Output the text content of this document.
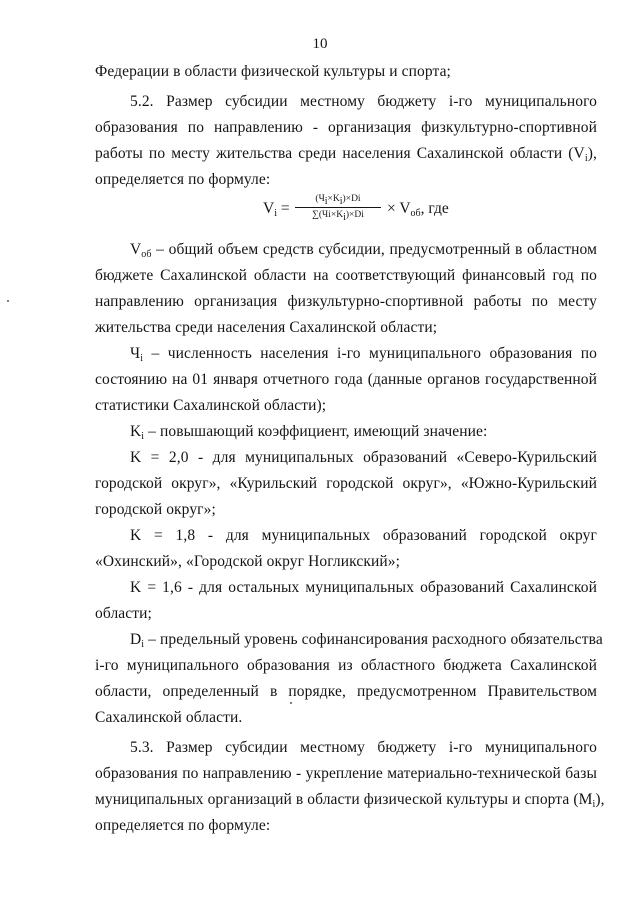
10
Федерации в области физической культуры и спорта;
5.2. Размер субсидии местному бюджету i-го муниципального
образования по направлению - организация физкультурно-спортивной
работы по месту жительства среди населения Сахалинской области $(V_i)$,
определяется по формуле:
$V_i$ =
$(Ч_i\times K_i)\times Di$
$\sum(Чi\times K_i)\times Di$	× $V_{об}$, где
$V_{об}$ – общий объем средств субсидии, предусмотренный в областном
бюджете Сахалинской области на соответствующий финансовый год по
направлению организация физкультурно-спортивной работы по месту
жительства среди населения Сахалинской области;
$Ч_i$ – численность населения i-го муниципального образования по
состоянию на 01 января отчетного года (данные органов государственной
статистики Сахалинской области);
$K_i$ – повышающий коэффициент, имеющий значение:
K = 2,0 - для муниципальных образований «Северо-Курильский
городской округ», «Курильский городской округ», «Южно-Курильский
городской округ»;
K = 1,8 - для муниципальных образований городской округ
«Охинский», «Городской округ Ногликский»;
K = 1,6 - для остальных муниципальных образований Сахалинской
области;
$D_i$ – предельный уровень софинансирования расходного обязательства
i-го муниципального образования из областного бюджета Сахалинской
области, определенный в порядке, предусмотренном Правительством
Сахалинской области.
5.3. Размер субсидии местному бюджету i-го муниципального
образования по направлению - укрепление материально-технической базы
муниципальных организаций в области физической культуры и спорта $(M_i)$,
определяется по формуле:
